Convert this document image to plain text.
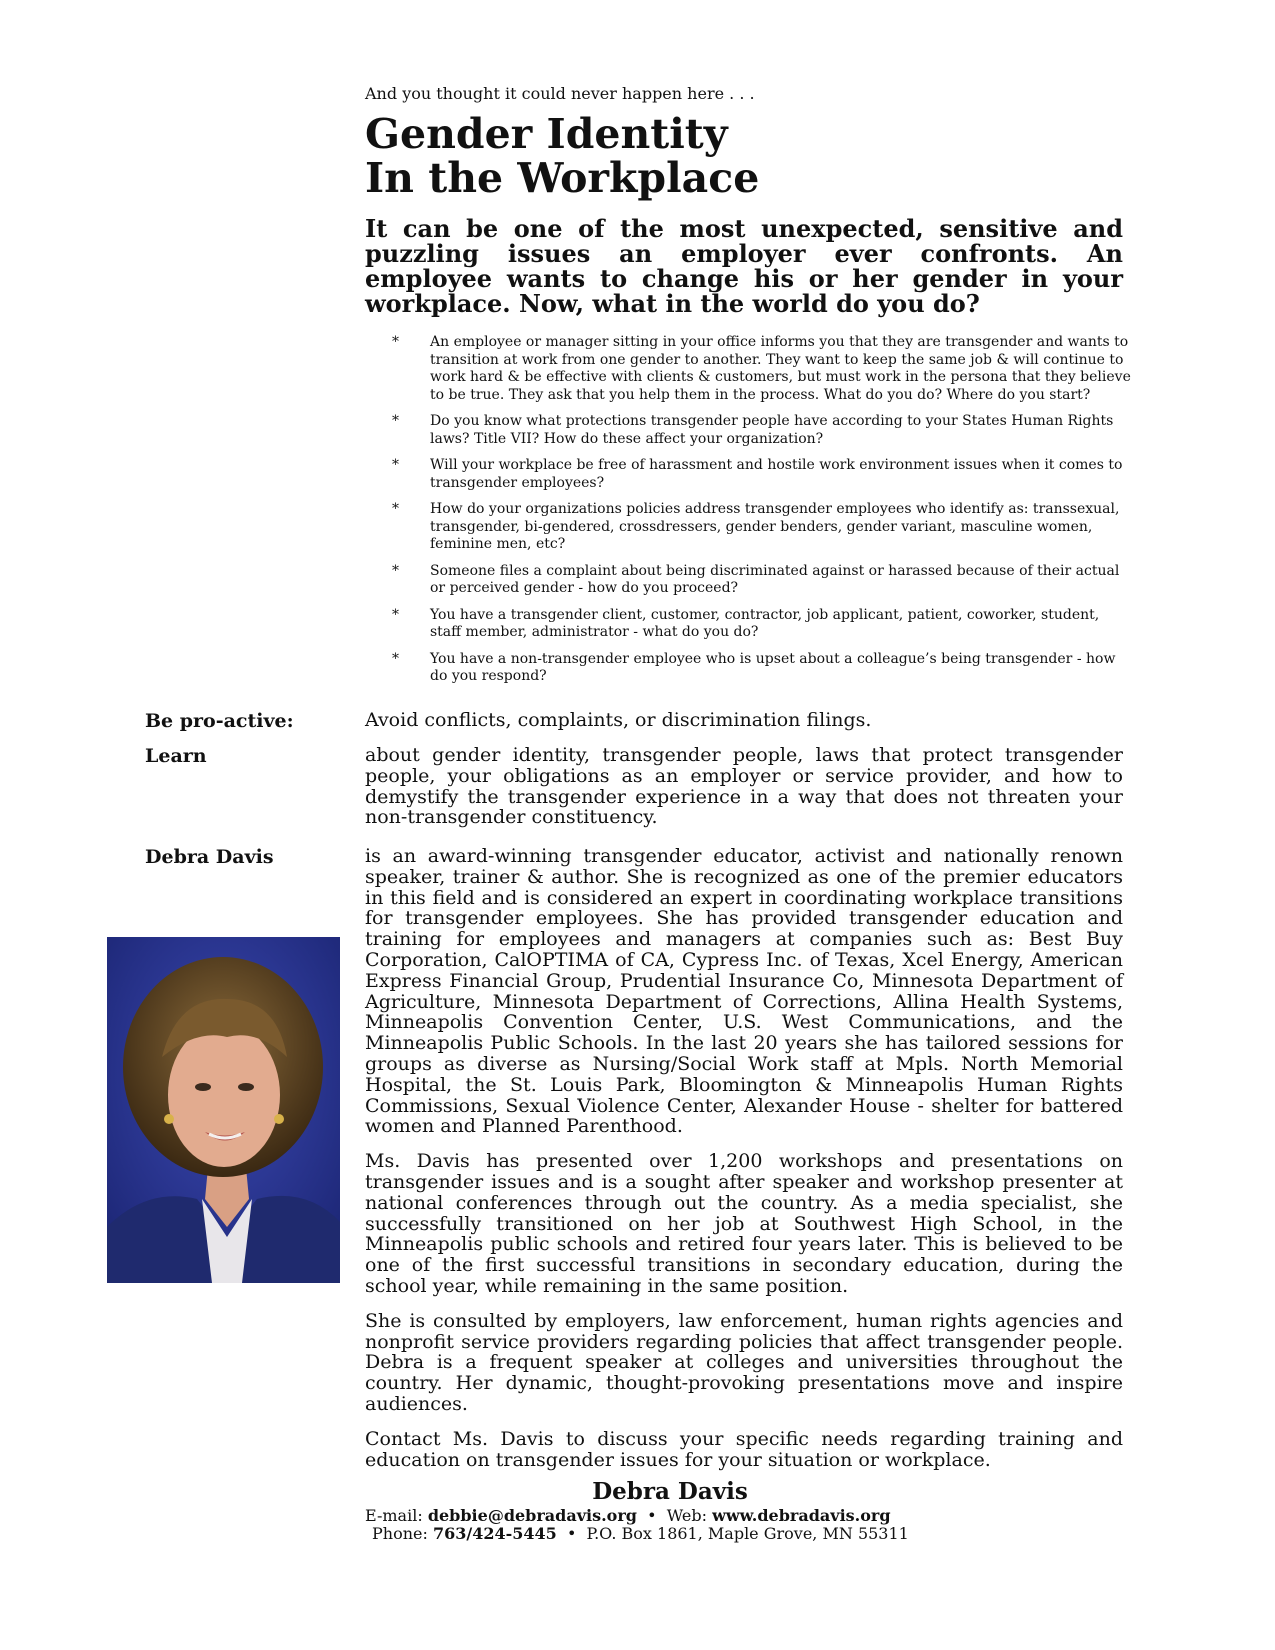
And you thought it could never happen here . . .
Gender Identity
In the Workplace
It can be one of the most unexpected, sensitive and puzzling issues an employer ever confronts. An employee wants to change his or her gender in your workplace. Now, what in the world do you do?
* An employee or manager sitting in your office informs you that they are transgender and wants to transition at work from one gender to another. They want to keep the same job & will continue to work hard & be effective with clients & customers, but must work in the persona that they believe to be true. They ask that you help them in the process. What do you do? Where do you start?
* Do you know what protections transgender people have according to your States Human Rights laws? Title VII? How do these affect your organization?
* Will your workplace be free of harassment and hostile work environment issues when it comes to transgender employees?
* How do your organizations policies address transgender employees who identify as: transsexual, transgender, bi-gendered, crossdressers, gender benders, gender variant, masculine women, feminine men, etc?
* Someone files a complaint about being discriminated against or harassed because of their actual or perceived gender - how do you proceed?
* You have a transgender client, customer, contractor, job applicant, patient, coworker, student, staff member, administrator - what do you do?
* You have a non-transgender employee who is upset about a colleague’s being transgender - how do you respond?
Be pro-active:	Avoid conflicts, complaints, or discrimination filings.
Learn	about gender identity, transgender people, laws that protect transgender people, your obligations as an employer or service provider, and how to demystify the transgender experience in a way that does not threaten your non-transgender constituency.
Debra Davis	is an award-winning transgender educator, activist and nationally renown speaker, trainer & author. She is recognized as one of the premier educators in this field and is considered an expert in coordinating workplace transitions for transgender employees. She has provided transgender education and training for employees and managers at companies such as: Best Buy Corporation, CalOPTIMA of CA, Cypress Inc. of Texas, Xcel Energy, American Express Financial Group, Prudential Insurance Co, Minnesota Department of Agriculture, Minnesota Department of Corrections, Allina Health Systems, Minneapolis Convention Center, U.S. West Communications, and the Minneapolis Public Schools. In the last 20 years she has tailored sessions for groups as diverse as Nursing/Social Work staff at Mpls. North Memorial Hospital, the St. Louis Park, Bloomington & Minneapolis Human Rights Commissions, Sexual Violence Center, Alexander House - shelter for battered women and Planned Parenthood.

Ms. Davis has presented over 1,200 workshops and presentations on transgender issues and is a sought after speaker and workshop presenter at national conferences through out the country. As a media specialist, she successfully transitioned on her job at Southwest High School, in the Minneapolis public schools and retired four years later. This is believed to be one of the first successful transitions in secondary education, during the school year, while remaining in the same position.

She is consulted by employers, law enforcement, human rights agencies and nonprofit service providers regarding policies that affect transgender people. Debra is a frequent speaker at colleges and universities throughout the country. Her dynamic, thought-provoking presentations move and inspire audiences.

Contact Ms. Davis to discuss your specific needs regarding training and education on transgender issues for your situation or workplace.

Debra Davis
E-mail: debbie@debradavis.org  •  Web: www.debradavis.org
Phone: 763/424-5445  •  P.O. Box 1861, Maple Grove, MN 55311
